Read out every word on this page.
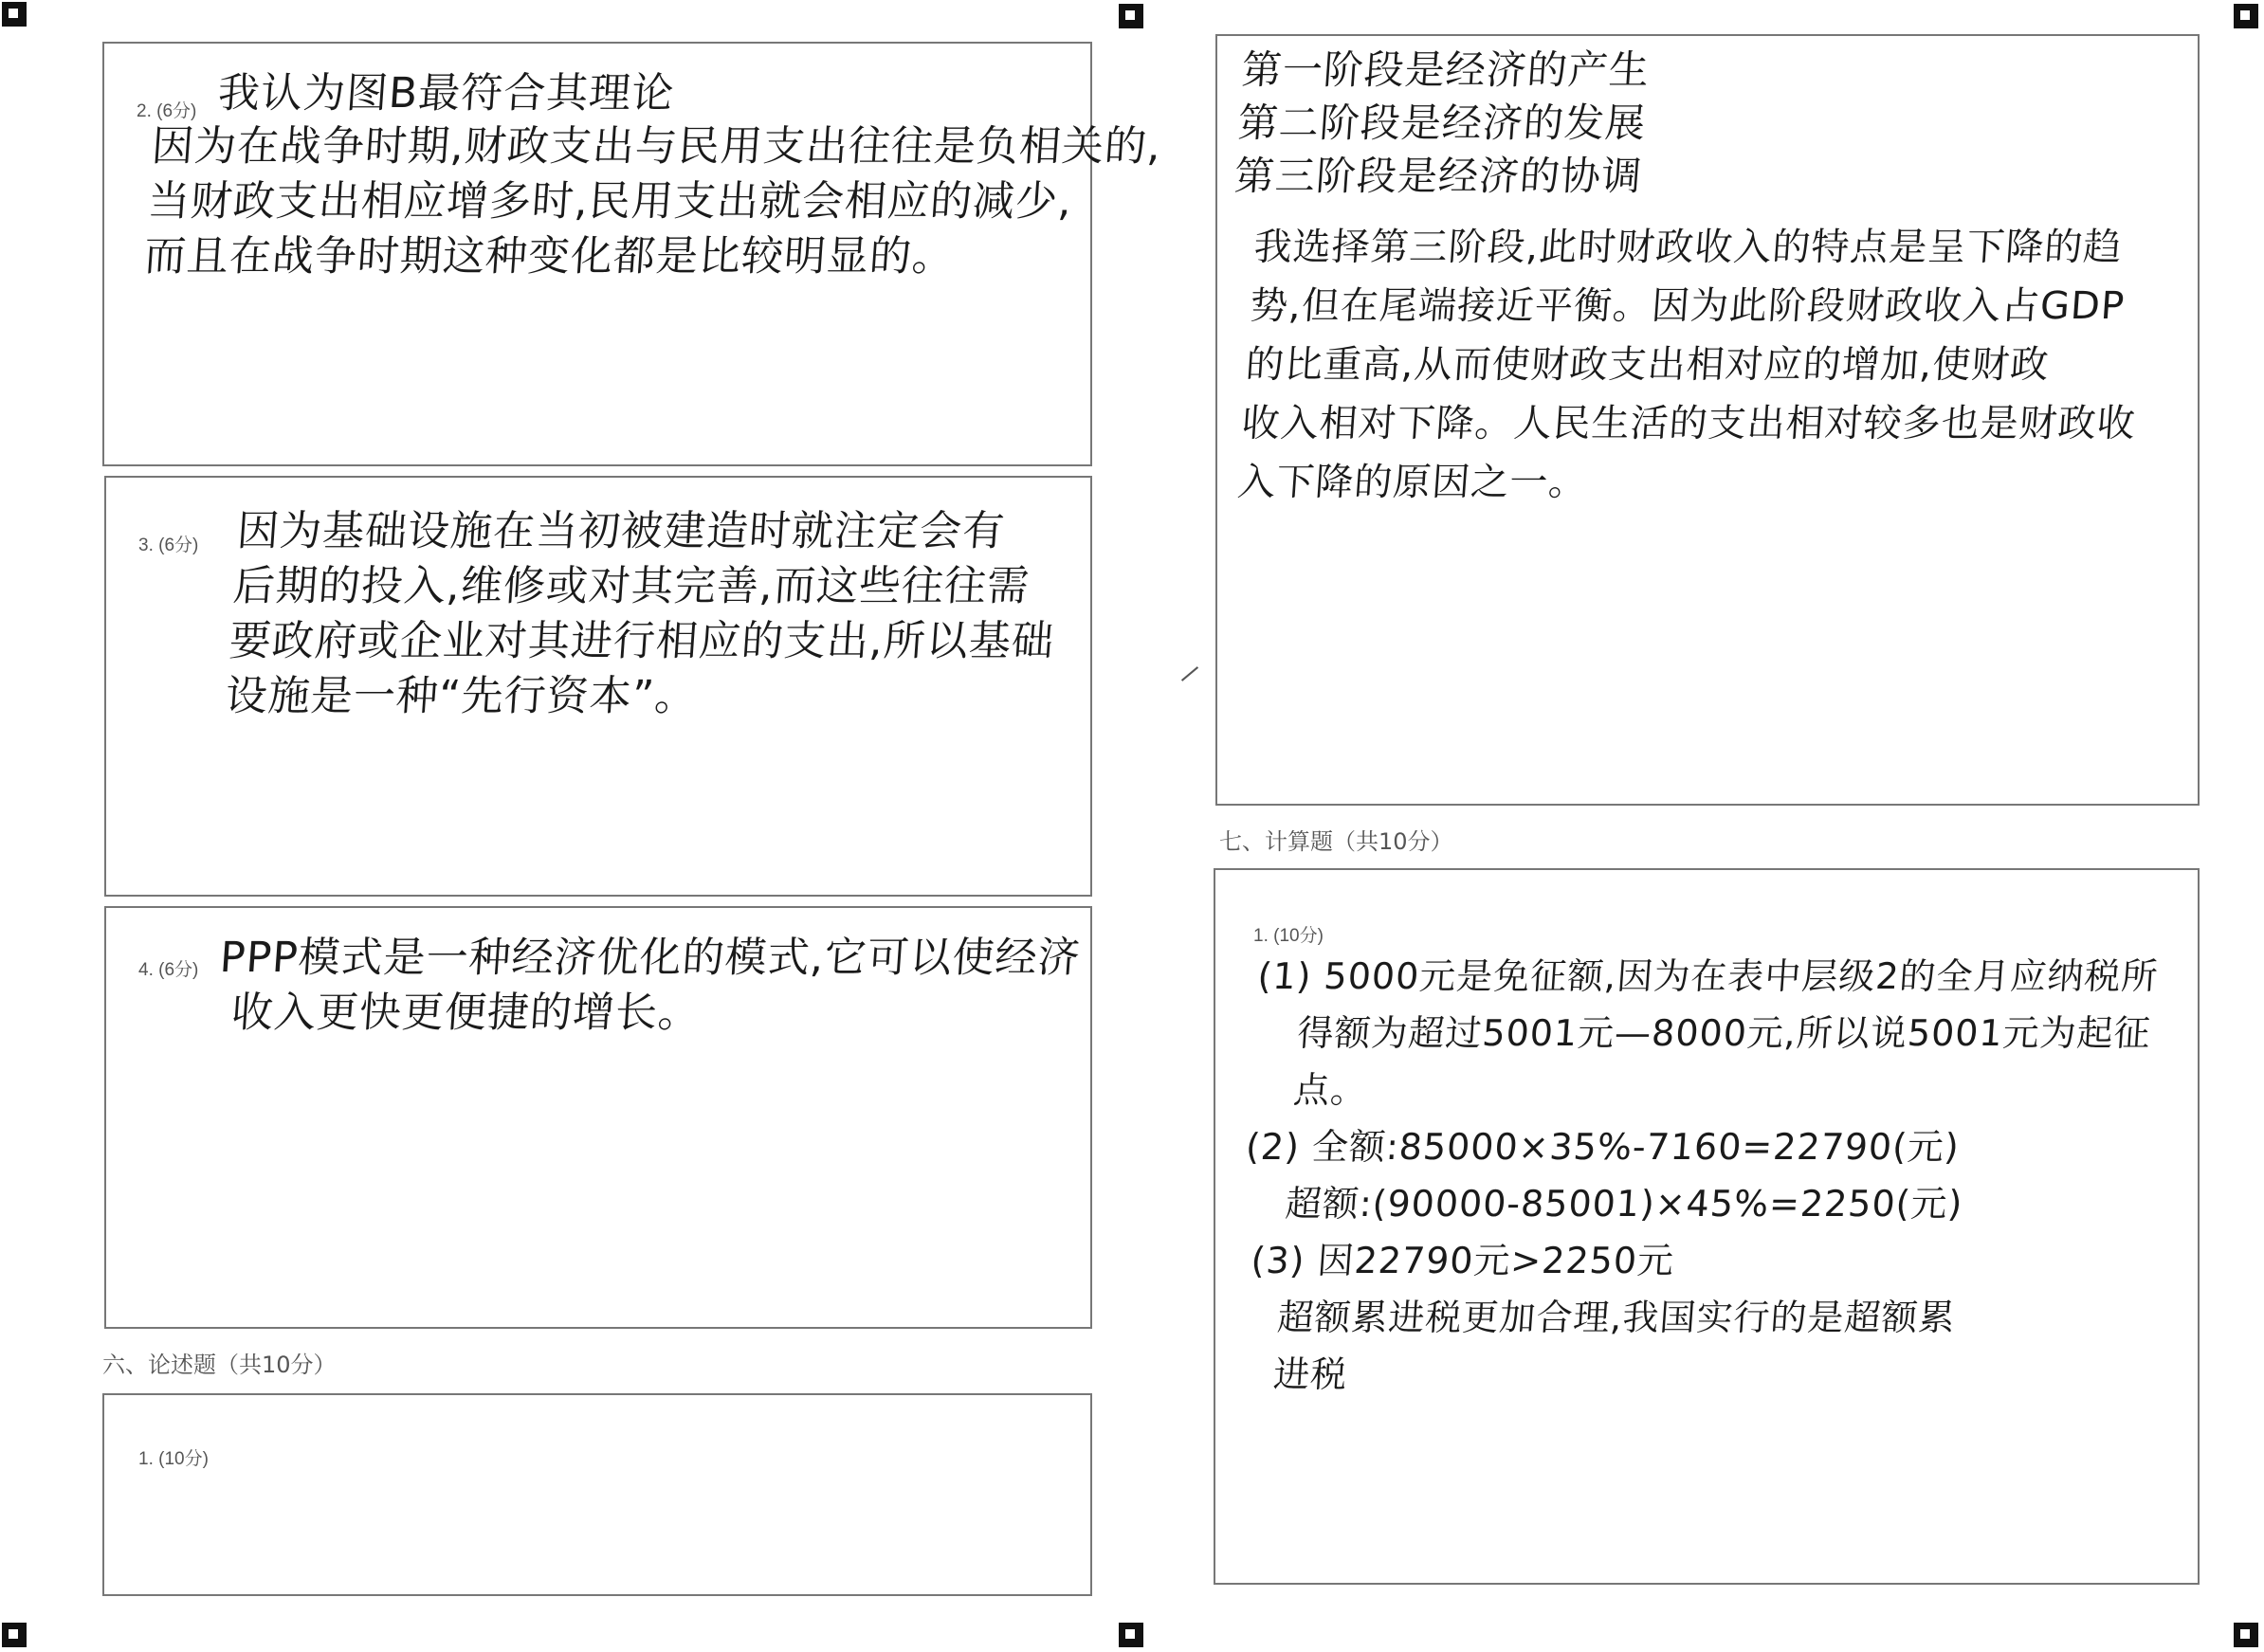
2. (6分) 我认为图B最符合其理论
因为在战争时期,财政支出与民用支出往往是负相关的,
当财政支出相应增多时,民用支出就会相应的减少,
而且在战争时期这种变化都是比较明显的。
3. (6分) 因为基础设施在当初被建造时就注定会有
后期的投入,维修或对其完善,而这些往往需
要政府或企业对其进行相应的支出,所以基础
设施是一种“先行资本”。
4. (6分) PPP模式是一种经济优化的模式,它可以使经济
收入更快更便捷的增长。
六、论述题（共10分）
1. (10分)
第一阶段是经济的产生
第二阶段是经济的发展
第三阶段是经济的协调
我选择第三阶段,此时财政收入的特点是呈下降的趋
势,但在尾端接近平衡。因为此阶段财政收入占GDP
的比重高,从而使财政支出相对应的增加,使财政
收入相对下降。人民生活的支出相对较多也是财政收
入下降的原因之一。
七、计算题（共10分）
1. (10分)
(1) 5000元是免征额,因为在表中层级2的全月应纳税所
得额为超过5001元—8000元,所以说5001元为起征
点。
(2) 全额:85000×35%-7160=22790(元)
超额:(90000-85001)×45%=2250(元)
(3) 因22790元>2250元
超额累进税更加合理,我国实行的是超额累
进税
